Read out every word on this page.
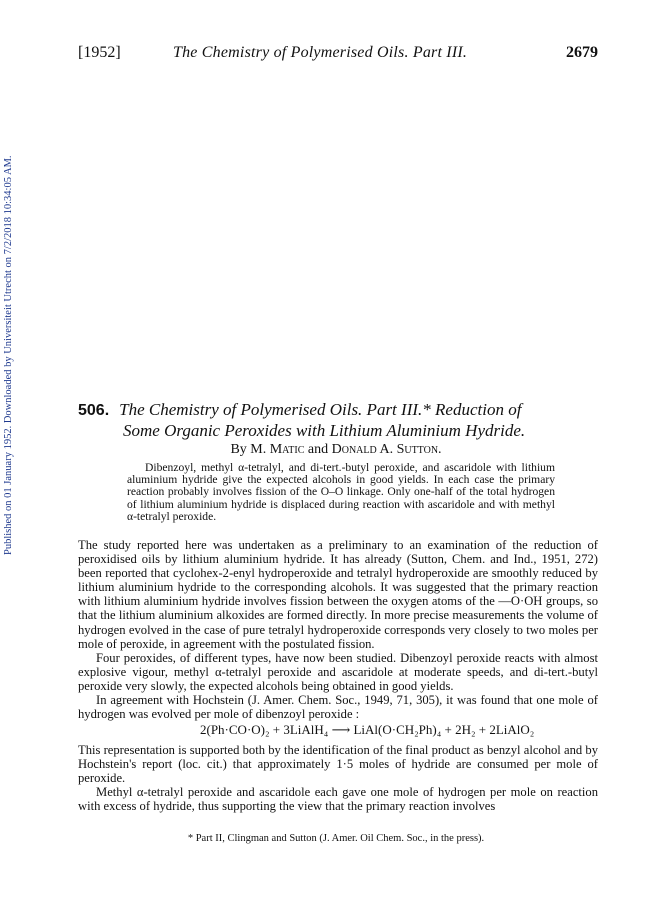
[1952]	The Chemistry of Polymerised Oils. Part III.	2679
Published on 01 January 1952. Downloaded by Universiteit Utrecht on 7/2/2018 10:34:05 AM.	506. The Chemistry of Polymerised Oils. Part III.* Reduction of
Some Organic Peroxides with Lithium Aluminium Hydride.
By M. Matic and Donald A. Sutton.

Dibenzoyl, methyl α-tetralyl, and di-tert.-butyl peroxide, and ascaridole with lithium aluminium hydride give the expected alcohols in good yields. In each case the primary reaction probably involves fission of the O–O linkage. Only one-half of the total hydrogen of lithium aluminium hydride is displaced during reaction with ascaridole and with methyl α-tetralyl peroxide.

The study reported here was undertaken as a preliminary to an examination of the reduction of peroxidised oils by lithium aluminium hydride. It has already (Sutton, Chem. and Ind., 1951, 272) been reported that cyclohex-2-enyl hydroperoxide and tetralyl hydroperoxide are smoothly reduced by lithium aluminium hydride to the corresponding alcohols. It was suggested that the primary reaction with lithium aluminium hydride involves fission between the oxygen atoms of the —O·OH groups, so that the lithium aluminium alkoxides are formed directly. In more precise measurements the volume of hydrogen evolved in the case of pure tetralyl hydroperoxide corresponds very closely to two moles per mole of peroxide, in agreement with the postulated fission.

Four peroxides, of different types, have now been studied. Dibenzoyl peroxide reacts with almost explosive vigour, methyl α-tetralyl peroxide and ascaridole at moderate speeds, and di-tert.-butyl peroxide very slowly, the expected alcohols being obtained in good yields.

In agreement with Hochstein (J. Amer. Chem. Soc., 1949, 71, 305), it was found that one mole of hydrogen was evolved per mole of dibenzoyl peroxide :

2(Ph·CO·O)₂ + 3LiAlH₄ ⟶ LiAl(O·CH₂Ph)₄ + 2H₂ + 2LiAlO₂

This representation is supported both by the identification of the final product as benzyl alcohol and by Hochstein's report (loc. cit.) that approximately 1·5 moles of hydride are consumed per mole of peroxide.

Methyl α-tetralyl peroxide and ascaridole each gave one mole of hydrogen per mole on reaction with excess of hydride, thus supporting the view that the primary reaction involves

* Part II, Clingman and Sutton (J. Amer. Oil Chem. Soc., in the press).
